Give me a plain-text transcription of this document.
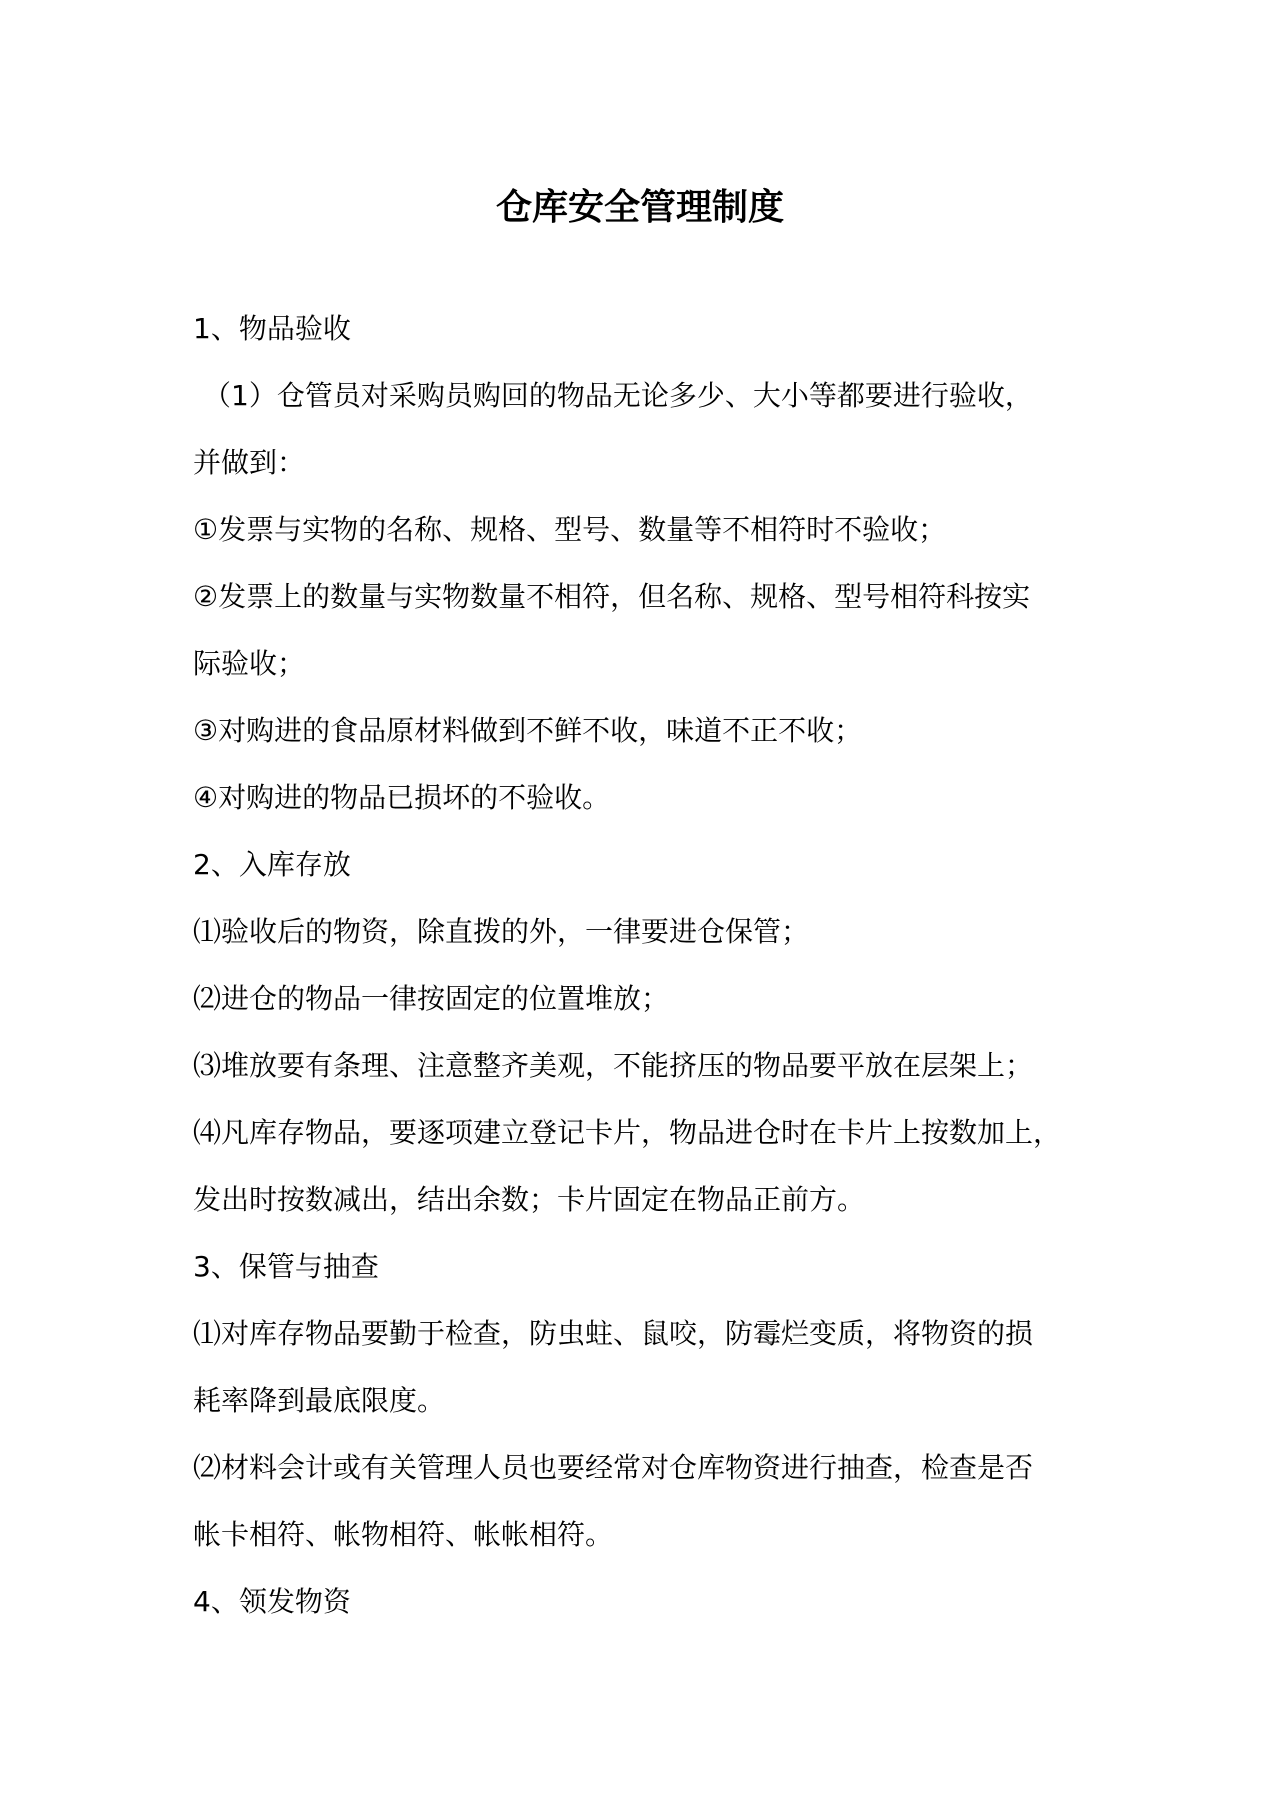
仓库安全管理制度
1、物品验收
（1）仓管员对采购员购回的物品无论多少、大小等都要进行验收，
并做到：
①发票与实物的名称、规格、型号、数量等不相符时不验收；
②发票上的数量与实物数量不相符，但名称、规格、型号相符科按实
际验收；
③对购进的食品原材料做到不鲜不收，味道不正不收；
④对购进的物品已损坏的不验收。
2、入库存放
⑴验收后的物资，除直拨的外，一律要进仓保管；
⑵进仓的物品一律按固定的位置堆放；
⑶堆放要有条理、注意整齐美观，不能挤压的物品要平放在层架上；
⑷凡库存物品，要逐项建立登记卡片，物品进仓时在卡片上按数加上，
发出时按数减出，结出余数；卡片固定在物品正前方。
3、保管与抽查
⑴对库存物品要勤于检查，防虫蛀、鼠咬，防霉烂变质，将物资的损
耗率降到最底限度。
⑵材料会计或有关管理人员也要经常对仓库物资进行抽查，检查是否
帐卡相符、帐物相符、帐帐相符。
4、领发物资
